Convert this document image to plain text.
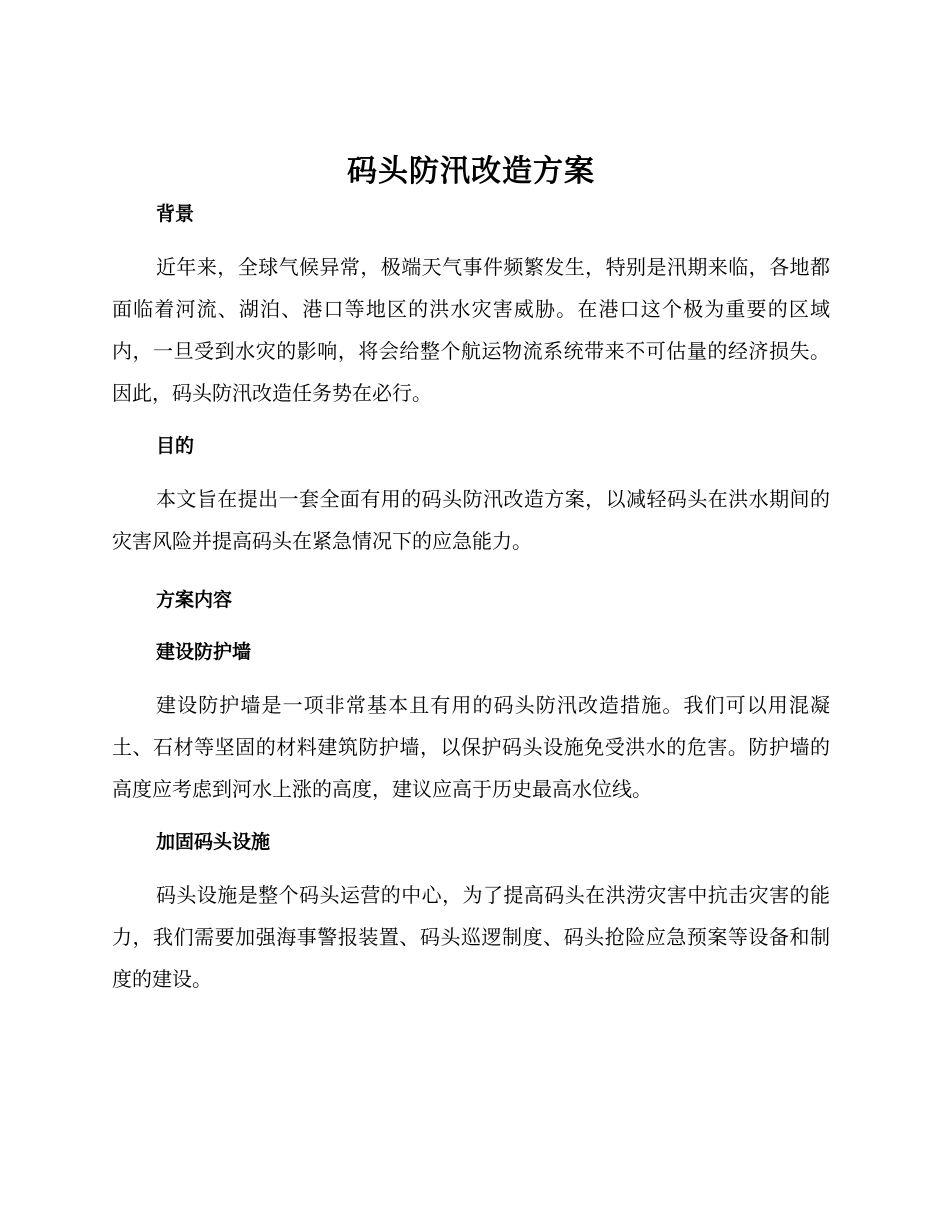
码头防汛改造方案
背景

近年来，全球气候异常，极端天气事件频繁发生，特别是汛期来临，各地都面临着河流、湖泊、港口等地区的洪水灾害威胁。在港口这个极为重要的区域内，一旦受到水灾的影响，将会给整个航运物流系统带来不可估量的经济损失。因此，码头防汛改造任务势在必行。

目的

本文旨在提出一套全面有用的码头防汛改造方案，以减轻码头在洪水期间的灾害风险并提高码头在紧急情况下的应急能力。

方案内容
建设防护墙

建设防护墙是一项非常基本且有用的码头防汛改造措施。我们可以用混凝土、石材等坚固的材料建筑防护墙，以保护码头设施免受洪水的危害。防护墙的高度应考虑到河水上涨的高度，建议应高于历史最高水位线。

加固码头设施

码头设施是整个码头运营的中心，为了提高码头在洪涝灾害中抗击灾害的能力，我们需要加强海事警报装置、码头巡逻制度、码头抢险应急预案等设备和制度的建设。
